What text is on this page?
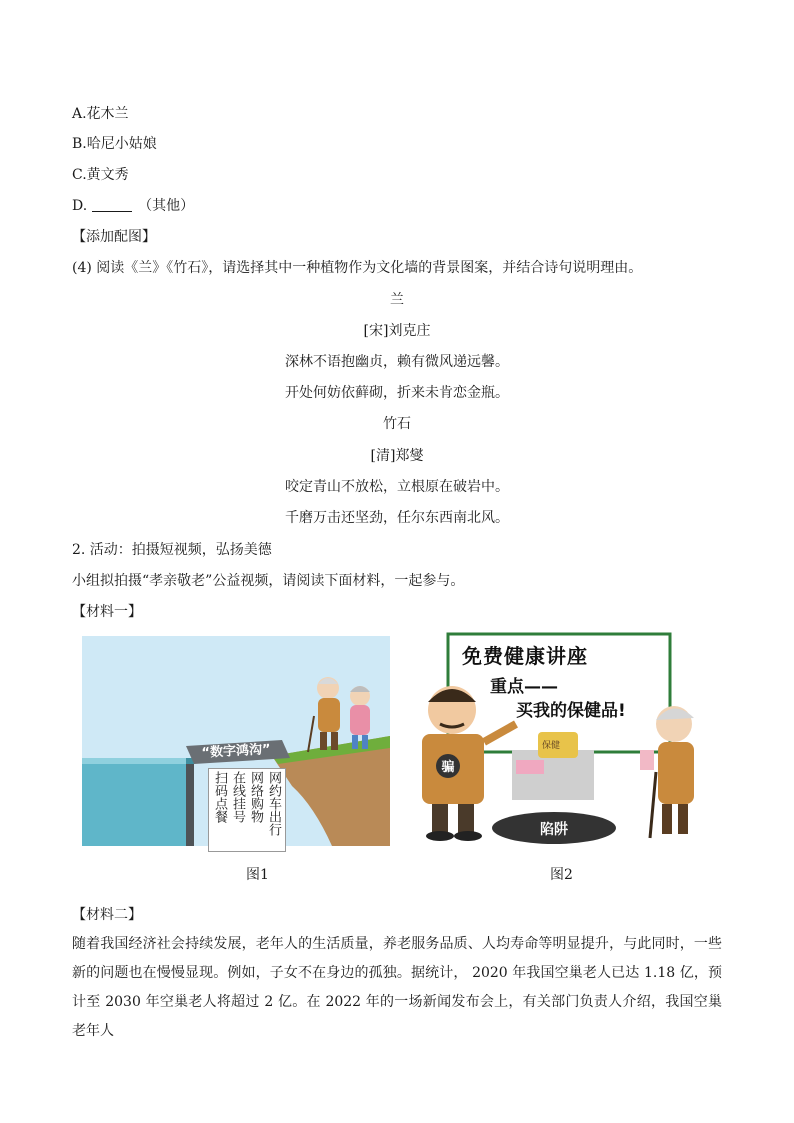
A.花木兰
B.哈尼小姑娘
C.黄文秀
D.	（其他）
【添加配图】
(4) 阅读《兰》《竹石》，请选择其中一种植物作为文化墙的背景图案，并结合诗句说明理由。
兰
[宋]刘克庄
深林不语抱幽贞，赖有微风递远馨。
开处何妨依藓砌，折来未肯恋金瓶。
竹石
[清]郑燮
咬定青山不放松，立根原在破岩中。
千磨万击还坚劲，任尔东西南北风。
2. 活动：拍摄短视频，弘扬美德
小组拟拍摄“孝亲敬老”公益视频，请阅读下面材料，一起参与。
【材料一】
“数字鸿沟”
网约车出行
网络购物
在线挂号
扫码点餐
图1
免费健康讲座
重点——
买我的保健品!
骗
保健
陷阱
图2
【材料二】
随着我国经济社会持续发展，老年人的生活质量，养老服务品质、人均寿命等明显提升，与此同时，一些新的问题也在慢慢显现。例如，子女不在身边的孤独。据统计， 2020 年我国空巢老人已达 1.18 亿，预计至 2030 年空巢老人将超过 2 亿。在 2022 年的一场新闻发布会上，有关部门负责人介绍，我国空巢老年人
